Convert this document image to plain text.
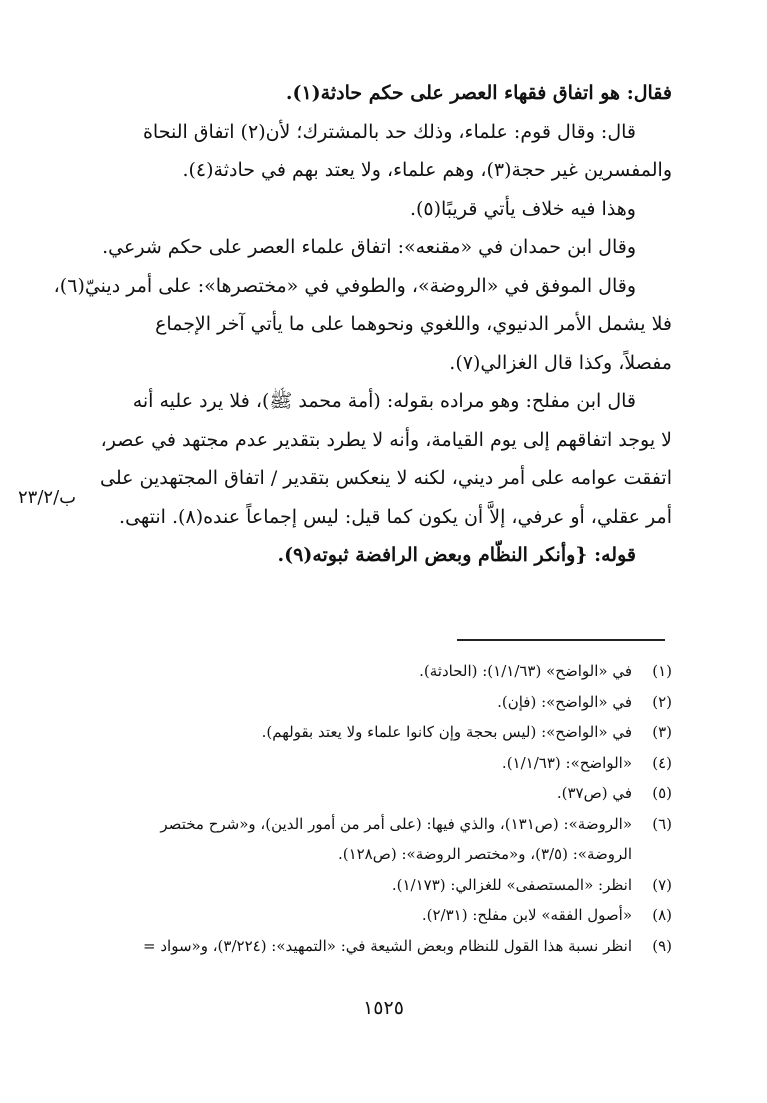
فقال: هو اتفاق فقهاء العصر على حكم حادثة(١).
قال: وقال قوم: علماء، وذلك حد بالمشترك؛ لأن(٢) اتفاق النحاة
والمفسرين غير حجة(٣)، وهم علماء، ولا يعتد بهم في حادثة(٤).
وهذا فيه خلاف يأتي قريبًا(٥).
وقال ابن حمدان في «مقنعه»: اتفاق علماء العصر على حكم شرعي.
وقال الموفق في «الروضة»، والطوفي في «مختصرها»: على أمر دينيّ(٦)،
فلا يشمل الأمر الدنيوي، واللغوي ونحوهما على ما يأتي آخر الإجماع
مفصلاً، وكذا قال الغزالي(٧).
قال ابن مفلح: وهو مراده بقوله: (أمة محمد ﷺ)، فلا يرد عليه أنه
لا يوجد اتفاقهم إلى يوم القيامة، وأنه لا يطرد بتقدير عدم مجتهد في عصر،
اتفقت عوامه على أمر ديني، لكنه لا ينعكس بتقدير / اتفاق المجتهدين على
أمر عقلي، أو عرفي، إلاَّ أن يكون كما قيل: ليس إجماعاً عنده(٨). انتهى.
قوله: {وأنكر النظّام وبعض الرافضة ثبوته(٩).
ب/٢٣/٢
(١)في «الواضح» (١/١/٦٣): (الحادثة).
(٢)في «الواضح»: (فإن).
(٣)في «الواضح»: (ليس بحجة وإن كانوا علماء ولا يعتد بقولهم).
(٤)«الواضح»: (١/١/٦٣).
(٥)في (ص٣٧).
(٦)«الروضة»: (ص١٣١)، والذي فيها: (على أمر من أمور الدين)، و«شرح مختصر
الروضة»: (٣/٥)، و«مختصر الروضة»: (ص١٢٨).
(٧)انظر: «المستصفى» للغزالي: (١/١٧٣).
(٨)«أصول الفقه» لابن مفلح: (٢/٣١).
(٩)انظر نسبة هذا القول للنظام وبعض الشيعة في: «التمهيد»: (٣/٢٢٤)، و«سواد =
١٥٢٥
